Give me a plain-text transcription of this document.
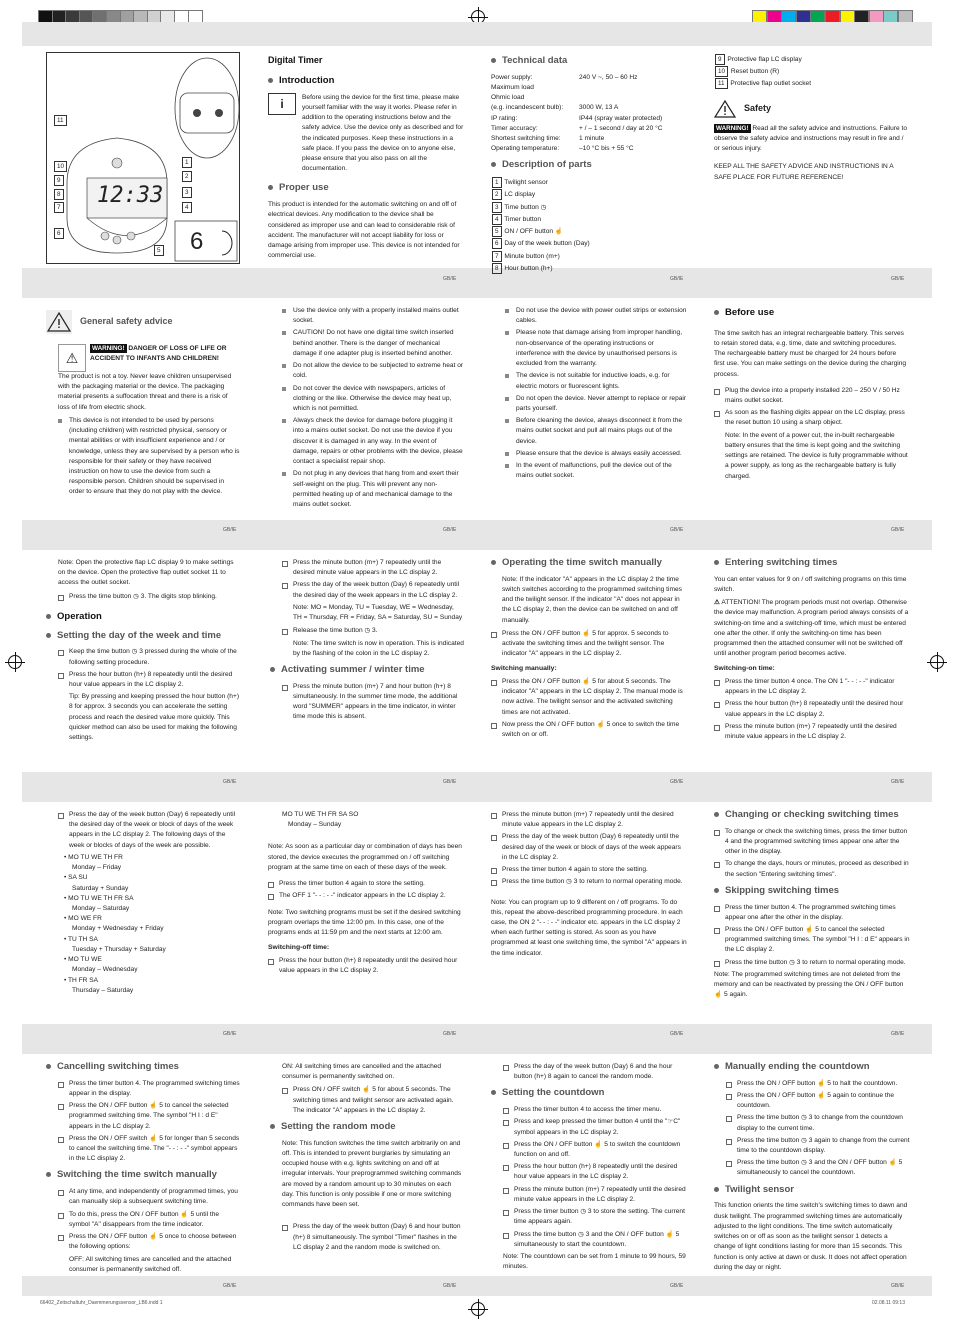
GB/IE	GB/IE	GB/IE
GB/IE	GB/IE	GB/IE	GB/IE
GB/IE	GB/IE	GB/IE	GB/IE
GB/IE	GB/IE	GB/IE	GB/IE
GB/IE	GB/IE	GB/IE	GB/IE
12:33
6
11
10
9
8
7
6
1
2
3
4
5
Digital Timer
Introduction
i	Before using the device for the first time, please make yourself familiar with the way it works. Please refer in addition to the operating instructions below and the safety advice. Use the device only as described and for the indicated purposes. Keep these instructions in a safe place. If you pass the device on to anyone else, please ensure that you also pass on all the documentation.

Proper use

This product is intended for the automatic switching on and off of electrical devices. Any modification to the device shall be considered as improper use and can lead to considerable risk of accident. The manufacturer will not accept liability for loss or damage arising from improper use. This device is not intended for commercial use.

Technical data
Power supply:	240 V ~, 50 – 60 Hz
Maximum load
Ohmic load
(e.g. incandescent bulb):	3000 W, 13 A
IP rating:	IP44 (spray water protected)
Timer accuracy:	+ / – 1 second / day at 20 °C
Shortest switching time:	1 minute
Operating temperature:	–10 °C bis + 55 °C
Description of parts
1 Twilight sensor
2 LC display
3 Time button ◷
4 Timer button
5 ON / OFF button ☝
6 Day of the week button (Day)
7 Minute button (m+)
8 Hour button (h+)
9 Protective flap LC display
10 Reset button (R)
11 Protective flap outlet socket
Safety

WARNING! Read all the safety advice and instructions. Failure to observe the safety advice and instructions may result in fire and / or serious injury.

KEEP ALL THE SAFETY ADVICE AND INSTRUCTIONS IN A SAFE PLACE FOR FUTURE REFERENCE!

General safety advice
⚠

WARNING! DANGER OF LOSS OF LIFE OR ACCIDENT TO INFANTS AND CHILDREN!

The product is not a toy. Never leave children unsupervised with the packaging material or the device. The packaging material presents a suffocation threat and there is a risk of loss of life from electric shock.

This device is not intended to be used by persons (including children) with restricted physical, sensory or mental abilities or with insufficient experience and / or knowledge, unless they are supervised by a person who is responsible for their safety or they have received instruction on how to use the device from such a responsible person. Children should be supervised in order to ensure that they do not play with the device.
Use the device only with a properly installed mains outlet socket.
CAUTION! Do not have one digital time switch inserted behind another. There is the danger of mechanical damage if one adapter plug is inserted behind another.
Do not allow the device to be subjected to extreme heat or cold.
Do not cover the device with newspapers, articles of clothing or the like. Otherwise the device may heat up, which is not permitted.
Always check the device for damage before plugging it into a mains outlet socket. Do not use the device if you discover it is damaged in any way. In the event of damage, repairs or other problems with the device, please contact a specialist repair shop.
Do not plug in any devices that hang from and exert their self-weight on the plug. This will prevent any non-permitted heating up of and mechanical damage to the mains outlet socket.
Do not use the device with power outlet strips or extension cables.
Please note that damage arising from improper handling, non-observance of the operating instructions or interference with the device by unauthorised persons is excluded from the warranty.
The device is not suitable for inductive loads, e.g. for electric motors or fluorescent lights.
Do not open the device. Never attempt to replace or repair parts yourself.
Before cleaning the device, always disconnect it from the mains outlet socket and pull all mains plugs out of the device.
Please ensure that the device is always easily accessed.
In the event of malfunctions, pull the device out of the mains outlet socket.
Before use

The time switch has an integral rechargeable battery. This serves to retain stored data, e.g. time, date and switching procedures. The rechargeable battery must be charged for 24 hours before first use. You can make settings on the device during the charging process.

Plug the device into a properly installed 220 – 250 V / 50 Hz mains outlet socket.
As soon as the flashing digits appear on the LC display, press the reset button 10 using a sharp object.

Note: In the event of a power cut, the in-built rechargeable battery ensures that the time is kept going and the switching settings are retained. The device is fully programmable without a power supply, as long as the rechargeable battery is fully charged.

Note: Open the protective flap LC display 9 to make settings on the device. Open the protective flap outlet socket 11 to access the outlet socket.

Press the time button ◷ 3. The digits stop blinking.
Operation
Setting the day of the week and time
Keep the time button ◷ 3 pressed during the whole of the following setting procedure.
Press the hour button (h+) 8 repeatedly until the desired hour value appears in the LC display 2.

Tip: By pressing and keeping pressed the hour button (h+) 8 for approx. 3 seconds you can accelerate the setting process and reach the desired value more quickly. This quicker method can also be used for making the following settings.

Press the minute button (m+) 7 repeatedly until the desired minute value appears in the LC display 2.
Press the day of the week button (Day) 6 repeatedly until the desired day of the week appears in the LC display 2.

Note: MO = Monday, TU = Tuesday, WE = Wednesday, TH = Thursday, FR = Friday, SA = Saturday, SU = Sunday

Release the time button ◷ 3.

Note: The time switch is now in operation. This is indicated by the flashing of the colon in the LC display 2.

Activating summer / winter time
Press the minute button (m+) 7 and hour button (h+) 8 simultaneously. In the summer time mode, the additional word "SUMMER" appears in the time indicator, in winter time mode this is absent.
Operating the time switch manually

Note: If the indicator "A" appears in the LC display 2 the time switch switches according to the programmed switching times and the twilight sensor. If the indicator "A" does not appear in the LC display 2, then the device can be switched on and off manually.

Press the ON / OFF button ☝ 5 for approx. 5 seconds to activate the switching times and the twilight sensor. The indicator "A" appears in the LC display 2.
Switching manually:
Press the ON / OFF button ☝ 5 for about 5 seconds. The indicator "A" appears in the LC display 2. The manual mode is now active. The twilight sensor and the activated switching times are not activated.
Now press the ON / OFF button ☝ 5 once to switch the time switch on or off.
Entering switching times

You can enter values for 9 on / off switching programs on this time switch.

⚠ ATTENTION! The program periods must not overlap. Otherwise the device may malfunction. A program period always consists of a switching-on time and a switching-off time, which must be entered one after the other. If only the switching-on time has been programmed then the attached consumer will not be switched off until another program period becomes active.

Switching-on time:
Press the timer button 4 once. The ON 1 "- - : - -" indicator appears in the LC display 2.
Press the hour button (h+) 8 repeatedly until the desired hour value appears in the LC display 2.
Press the minute button (m+) 7 repeatedly until the desired minute value appears in the LC display 2.
Press the day of the week button (Day) 6 repeatedly until the desired day of the week or block of days of the week appears in the LC display 2. The following days of the week or blocks of days of the week are possible.
• MO TU WE TH FR
Monday – Friday
• SA SU
Saturday + Sunday
• MO TU WE TH FR SA
Monday – Saturday
• MO WE FR
Monday + Wednesday + Friday
• TU TH SA
Tuesday + Thursday + Saturday
• MO TU WE
Monday – Wednesday
• TH FR SA
Thursday – Saturday
MO TU WE TH FR SA SO
Monday – Sunday

Note: As soon as a particular day or combination of days has been stored, the device executes the programmed on / off switching program at the same time on each of these days of the week.

Press the timer button 4 again to store the setting.
The OFF 1 "- - : - -" indicator appears in the LC display 2.

Note: Two switching programs must be set if the desired switching program overlaps the time 12:00 pm. In this case, one of the programs ends at 11:59 pm and the next starts at 12:00 am.

Switching-off time:
Press the hour button (h+) 8 repeatedly until the desired hour value appears in the LC display 2.
Press the minute button (m+) 7 repeatedly until the desired minute value appears in the LC display 2.
Press the day of the week button (Day) 6 repeatedly until the desired day of the week or block of days of the week appears in the LC display 2.
Press the timer button 4 again to store the setting.
Press the time button ◷ 3 to return to normal operating mode.

Note: You can program up to 9 different on / off programs. To do this, repeat the above-described programming procedure. In each case, the ON 2 "- - : - -" indicator etc. appears in the LC display 2 when each further setting is stored. As soon as you have programmed at least one switching time, the symbol "A" appears in the time indicator.

Changing or checking switching times
To change or check the switching times, press the timer button 4 and the programmed switching times appear one after the other in the display.
To change the days, hours or minutes, proceed as described in the section "Entering switching times".
Skipping switching times
Press the timer button 4. The programmed switching times appear one after the other in the display.
Press the ON / OFF button ☝ 5 to cancel the selected programmed switching times. The symbol "H I : d E" appears in the LC display 2.
Press the time button ◷ 3 to return to normal operating mode.

Note: The programmed switching times are not deleted from the memory and can be reactivated by pressing the ON / OFF button ☝ 5 again.

Cancelling switching times
Press the timer button 4. The programmed switching times appear in the display.
Press the ON / OFF button ☝ 5 to cancel the selected programmed switching time. The symbol "H I : d E" appears in the LC display 2.
Press the ON / OFF switch ☝ 5 for longer than 5 seconds to cancel the switching time. The "- - : - -" symbol appears in the LC display 2.
Switching the time switch manually
At any time, and independently of programmed times, you can manually skip a subsequent switching time.
To do this, press the ON / OFF button ☝ 5 until the symbol "A" disappears from the time indicator.
Press the ON / OFF button ☝ 5 once to choose between the following options:

OFF: All switching times are cancelled and the attached consumer is permanently switched off.

ON: All switching times are cancelled and the attached consumer is permanently switched on.

Press ON / OFF switch ☝ 5 for about 5 seconds. The switching times and twilight sensor are activated again. The indicator "A" appears in the LC display 2.
Setting the random mode

Note: This function switches the time switch arbitrarily on and off. This is intended to prevent burglaries by simulating an occupied house with e.g. lights switching on and off at irregular intervals. Your preprogrammed switching commands are moved by a random amount up to 30 minutes on each day. This function is only possible if one or more switching commands have been set.

Press the day of the week button (Day) 6 and hour button (h+) 8 simultaneously. The symbol "Timer" flashes in the LC display 2 and the random mode is switched on.
Press the day of the week button (Day) 6 and the hour button (h+) 8 again to cancel the random mode.
Setting the countdown
Press the timer button 4 to access the timer menu.
Press and keep pressed the timer button 4 until the "☞C" symbol appears in the LC display 2.
Press the ON / OFF button ☝ 5 to switch the countdown function on and off.
Press the hour button (h+) 8 repeatedly until the desired hour value appears in the LC display 2.
Press the minute button (m+) 7 repeatedly until the desired minute value appears in the LC display 2.
Press the timer button ◷ 3 to store the setting. The current time appears again.
Press the time button ◷ 3 and the ON / OFF button ☝ 5 simultaneously to start the countdown.

Note: The countdown can be set from 1 minute to 99 hours, 59 minutes.

Manually ending the countdown
Press the ON / OFF button ☝ 5 to halt the countdown.
Press the ON / OFF button ☝ 5 again to continue the countdown.
Press the time button ◷ 3 to change from the countdown display to the current time.
Press the time button ◷ 3 again to change from the current time to the countdown display.
Press the time button ◷ 3 and the ON / OFF button ☝ 5 simultaneously to cancel the countdown.
Twilight sensor

This function orients the time switch's switching times to dawn and dusk twilight. The programmed switching times are automatically adjusted to the light conditions. The time switch automatically switches on or off as soon as the twilight sensor 1 detects a change of light conditions lasting for more than 15 seconds. This function is only active at dawn or dusk. It does not affect operation during the day or night.

66402_Zeitschaltuhr_Daemmerungssensor_LB6.indd 1	02.08.11 09:13
